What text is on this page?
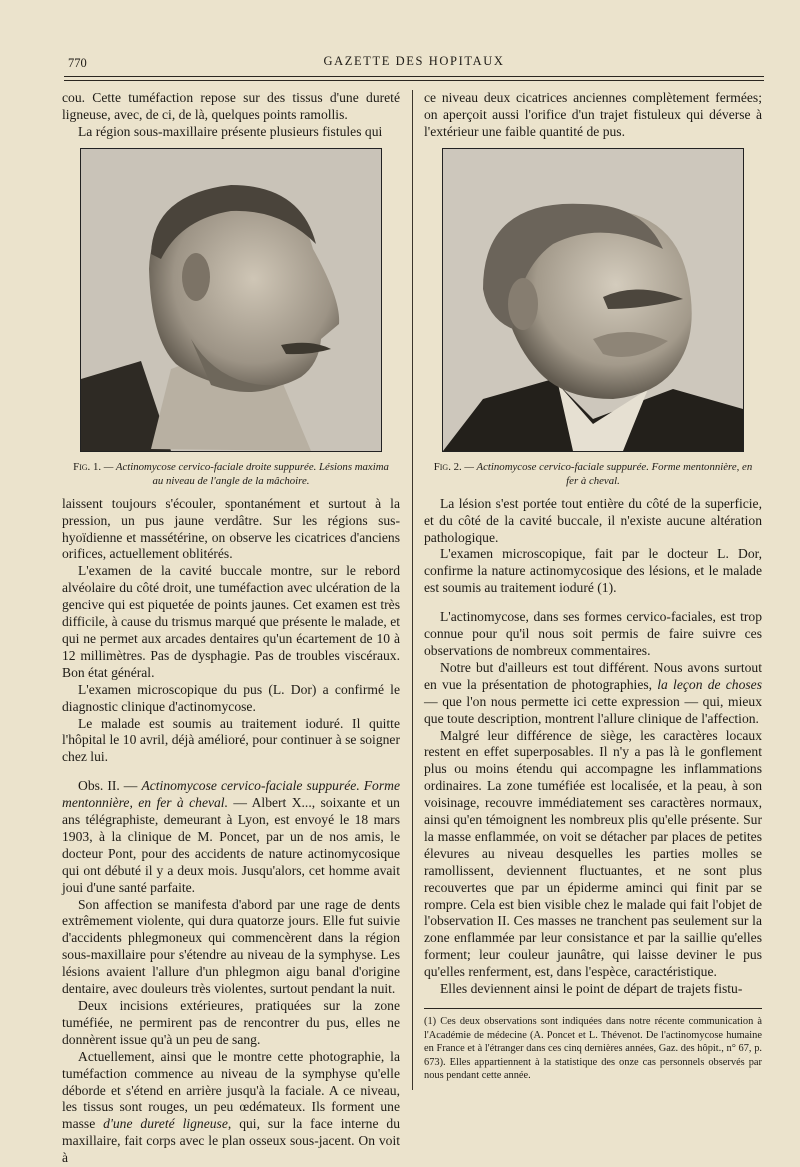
770	GAZETTE DES HOPITAUX

cou. Cette tuméfaction repose sur des tissus d'une dureté ligneuse, avec, de ci, de là, quelques points ramollis.

La région sous-maxillaire présente plusieurs fistules qui

Fig. 1. — Actinomycose cervico-faciale droite suppurée. Lésions maxima au niveau de l'angle de la mâchoire.

laissent toujours s'écouler, spontanément et surtout à la pression, un pus jaune verdâtre. Sur les régions sus-hyoïdienne et massétérine, on observe les cicatrices d'anciens orifices, actuellement oblitérés.

L'examen de la cavité buccale montre, sur le rebord alvéolaire du côté droit, une tuméfaction avec ulcération de la gencive qui est piquetée de points jaunes. Cet examen est très difficile, à cause du trismus marqué que présente le malade, et qui ne permet aux arcades dentaires qu'un écartement de 10 à 12 millimètres. Pas de dysphagie. Pas de troubles viscéraux. Bon état général.

L'examen microscopique du pus (L. Dor) a confirmé le diagnostic clinique d'actinomycose.

Le malade est soumis au traitement ioduré. Il quitte l'hôpital le 10 avril, déjà amélioré, pour continuer à se soigner chez lui.

Obs. II. — Actinomycose cervico-faciale suppurée. Forme mentonnière, en fer à cheval. — Albert X..., soixante et un ans télégraphiste, demeurant à Lyon, est envoyé le 18 mars 1903, à la clinique de M. Poncet, par un de nos amis, le docteur Pont, pour des accidents de nature actinomycosique qui ont débuté il y a deux mois. Jusqu'alors, cet homme avait joui d'une santé parfaite.

Son affection se manifesta d'abord par une rage de dents extrêmement violente, qui dura quatorze jours. Elle fut suivie d'accidents phlegmoneux qui commencèrent dans la région sous-maxillaire pour s'étendre au niveau de la symphyse. Les lésions avaient l'allure d'un phlegmon aigu banal d'origine dentaire, avec douleurs très violentes, surtout pendant la nuit.

Deux incisions extérieures, pratiquées sur la zone tuméfiée, ne permirent pas de rencontrer du pus, elles ne donnèrent issue qu'à un peu de sang.

Actuellement, ainsi que le montre cette photographie, la tuméfaction commence au niveau de la symphyse qu'elle déborde et s'étend en arrière jusqu'à la faciale. A ce niveau, les tissus sont rouges, un peu œdémateux. Ils forment une masse d'une dureté ligneuse, qui, sur la face interne du maxillaire, fait corps avec le plan osseux sous-jacent. On voit à

ce niveau deux cicatrices anciennes complètement fermées; on aperçoit aussi l'orifice d'un trajet fistuleux qui déverse à l'extérieur une faible quantité de pus.

Fig. 2. — Actinomycose cervico-faciale suppurée. Forme mentonnière, en fer à cheval.

La lésion s'est portée tout entière du côté de la superficie, et du côté de la cavité buccale, il n'existe aucune altération pathologique.

L'examen microscopique, fait par le docteur L. Dor, confirme la nature actinomycosique des lésions, et le malade est soumis au traitement ioduré (1).

L'actinomycose, dans ses formes cervico-faciales, est trop connue pour qu'il nous soit permis de faire suivre ces observations de nombreux commentaires.

Notre but d'ailleurs est tout différent. Nous avons surtout en vue la présentation de photographies, la leçon de choses — que l'on nous permette ici cette expression — qui, mieux que toute description, montrent l'allure clinique de l'affection.

Malgré leur différence de siège, les caractères locaux restent en effet superposables. Il n'y a pas là le gonflement plus ou moins étendu qui accompagne les inflammations ordinaires. La zone tuméfiée est localisée, et la peau, à son voisinage, recouvre immédiatement ses caractères normaux, ainsi qu'en témoignent les nombreux plis qu'elle présente. Sur la masse enflammée, on voit se détacher par places de petites élevures au niveau desquelles les parties molles se ramollissent, deviennent fluctuantes, et ne sont plus recouvertes que par un épiderme aminci qui finit par se rompre. Cela est bien visible chez le malade qui fait l'objet de l'observation II. Ces masses ne tranchent pas seulement sur la zone enflammée par leur consistance et par la saillie qu'elles forment; leur couleur jaunâtre, qui laisse deviner le pus qu'elles renferment, est, dans l'espèce, caractéristique.

Elles deviennent ainsi le point de départ de trajets fistu-

(1) Ces deux observations sont indiquées dans notre récente communication à l'Académie de médecine (A. Poncet et L. Thévenot. De l'actinomycose humaine en France et à l'étranger dans ces cinq dernières années, Gaz. des hôpit., n° 67, p. 673). Elles appartiennent à la statistique des onze cas personnels observés par nous pendant cette année.
